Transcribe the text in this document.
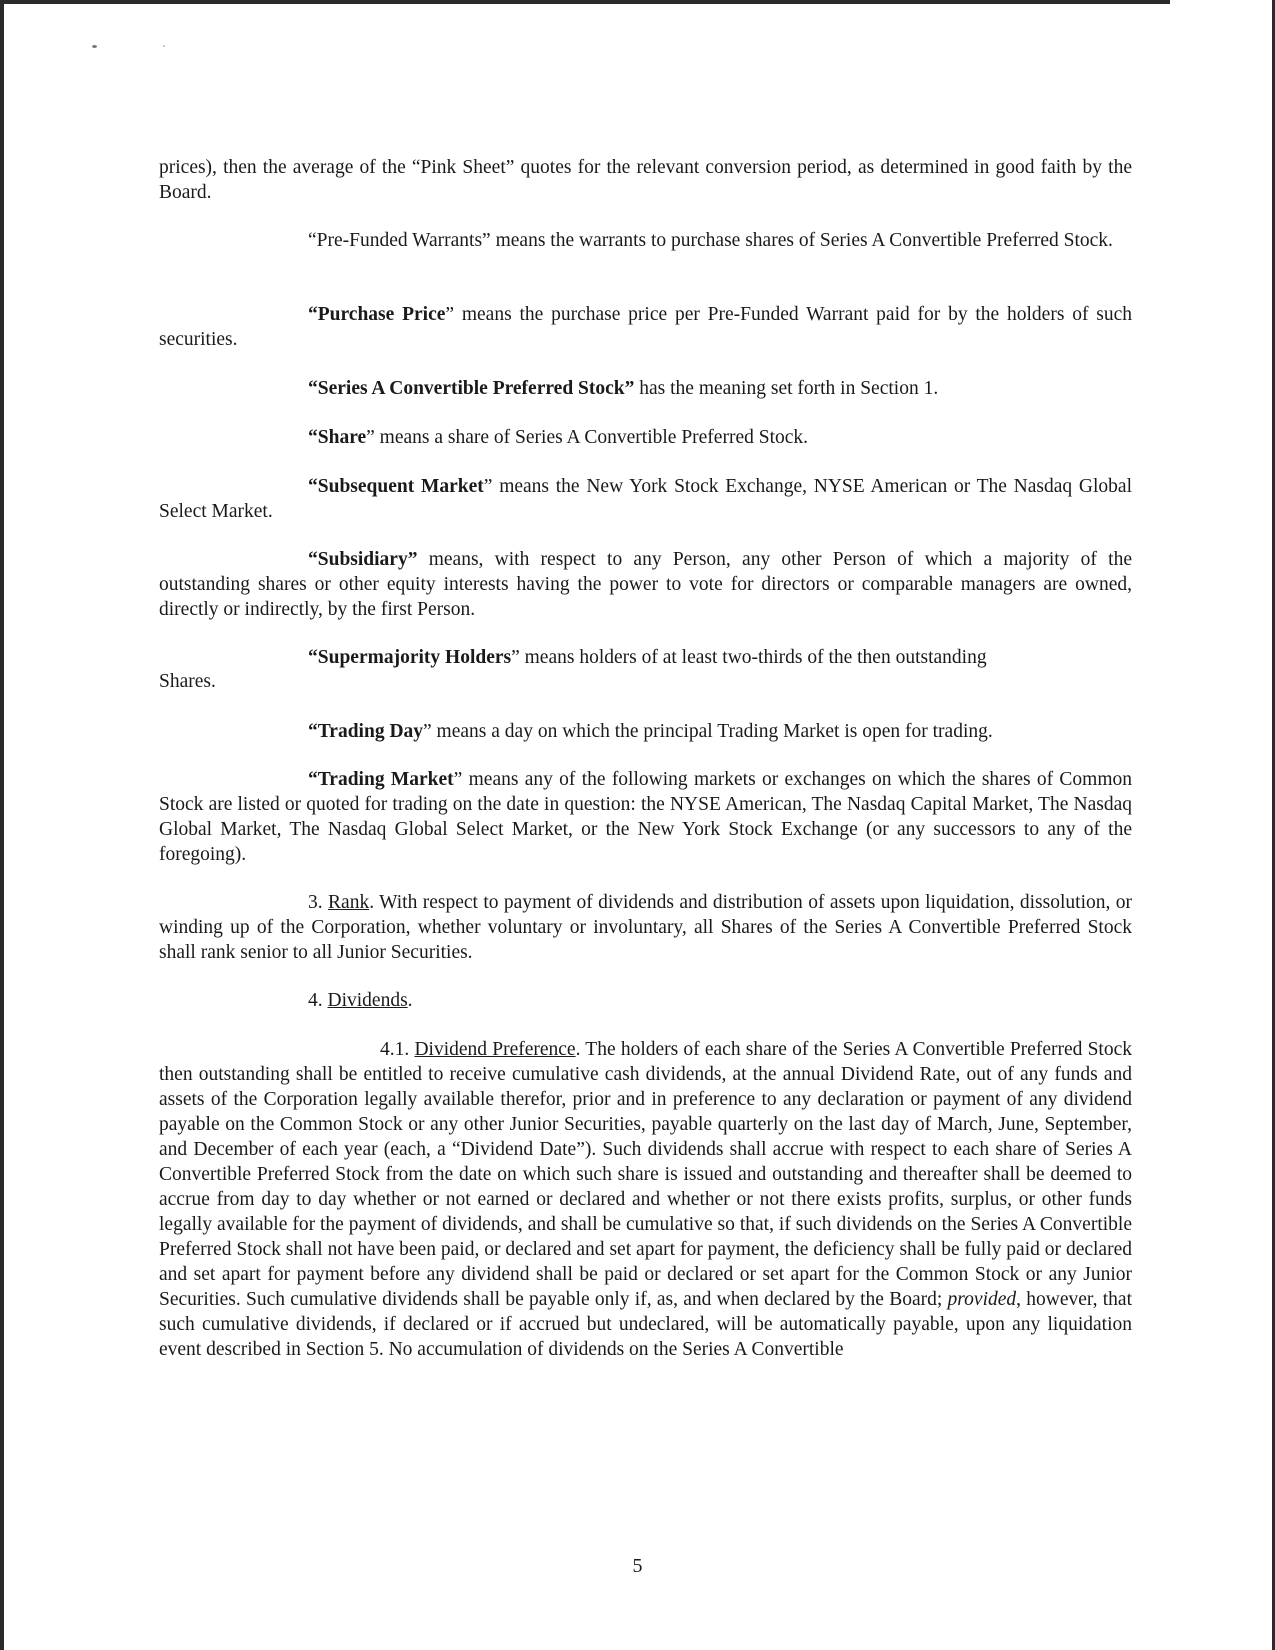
prices), then the average of the “Pink Sheet” quotes for the relevant conversion period, as determined in good faith by the Board.

“Pre-Funded Warrants” means the warrants to purchase shares of Series A Convertible Preferred Stock.

“Purchase Price” means the purchase price per Pre-Funded Warrant paid for by the holders of such securities.

“Series A Convertible Preferred Stock” has the meaning set forth in Section 1.

“Share” means a share of Series A Convertible Preferred Stock.

“Subsequent Market” means the New York Stock Exchange, NYSE American or The Nasdaq Global Select Market.

“Subsidiary” means, with respect to any Person, any other Person of which a majority of the outstanding shares or other equity interests having the power to vote for directors or comparable managers are owned, directly or indirectly, by the first Person.

“Supermajority Holders” means holders of at least two-thirds of the then outstanding

Shares.

“Trading Day” means a day on which the principal Trading Market is open for trading.

“Trading Market” means any of the following markets or exchanges on which the shares of Common Stock are listed or quoted for trading on the date in question: the NYSE American, The Nasdaq Capital Market, The Nasdaq Global Market, The Nasdaq Global Select Market, or the New York Stock Exchange (or any successors to any of the foregoing).

3. Rank. With respect to payment of dividends and distribution of assets upon liquidation, dissolution, or winding up of the Corporation, whether voluntary or involuntary, all Shares of the Series A Convertible Preferred Stock shall rank senior to all Junior Securities.

4. Dividends.

4.1. Dividend Preference. The holders of each share of the Series A Convertible Preferred Stock then outstanding shall be entitled to receive cumulative cash dividends, at the annual Dividend Rate, out of any funds and assets of the Corporation legally available therefor, prior and in preference to any declaration or payment of any dividend payable on the Common Stock or any other Junior Securities, payable quarterly on the last day of March, June, September, and December of each year (each, a “Dividend Date”). Such dividends shall accrue with respect to each share of Series A Convertible Preferred Stock from the date on which such share is issued and outstanding and thereafter shall be deemed to accrue from day to day whether or not earned or declared and whether or not there exists profits, surplus, or other funds legally available for the payment of dividends, and shall be cumulative so that, if such dividends on the Series A Convertible Preferred Stock shall not have been paid, or declared and set apart for payment, the deficiency shall be fully paid or declared and set apart for payment before any dividend shall be paid or declared or set apart for the Common Stock or any Junior Securities. Such cumulative dividends shall be payable only if, as, and when declared by the Board; provided, however, that such cumulative dividends, if declared or if accrued but undeclared, will be automatically payable, upon any liquidation event described in Section 5. No accumulation of dividends on the Series A Convertible

5
